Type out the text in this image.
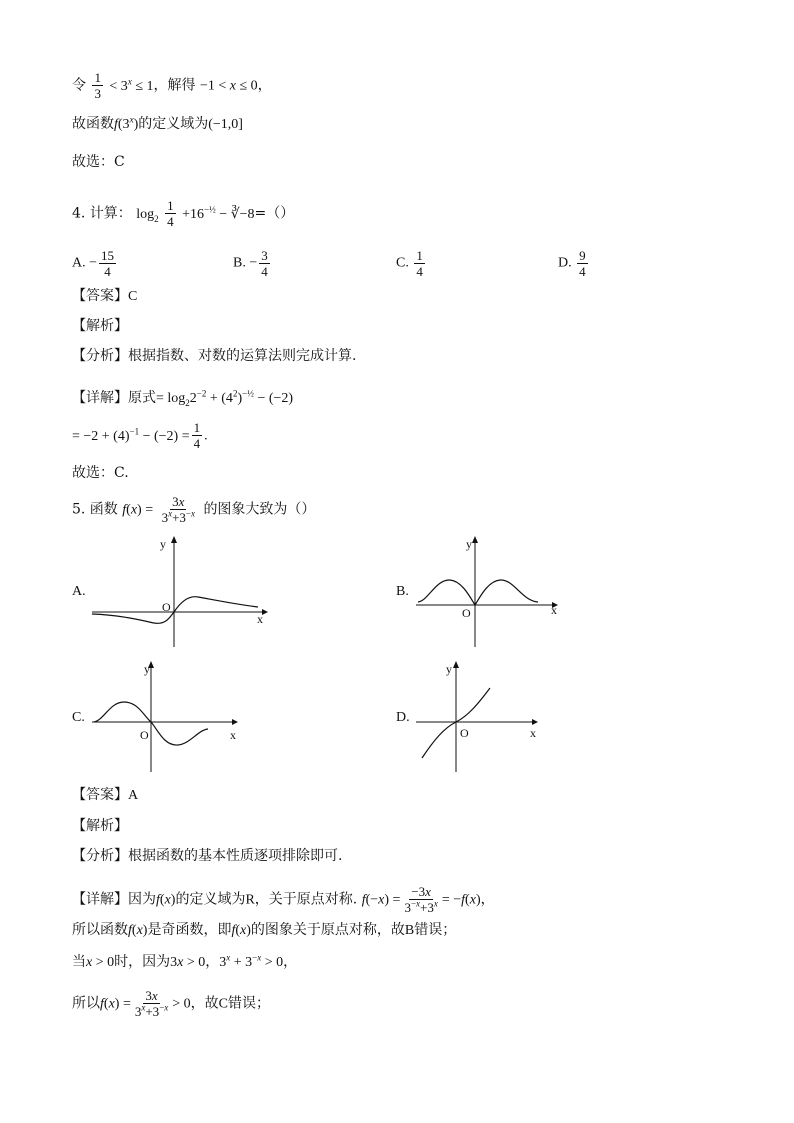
令 $\frac{1}{3} < 3^x \le 1$，解得 −1 < x ≤ 0，
故函数f(3$^x$)的定义域为(−1,0]
故选：C
4. 计算： $\log_2 \frac{1}{4} +16^{-\frac{1}{2}}$ − ∛−8=（）
A. − $\frac{15}{4}$	B. − $\frac{3}{4}$	C. $\frac{1}{4}$	D. $\frac{9}{4}$
【答案】C
【解析】
【分析】根据指数、对数的运算法则完成计算.
【详解】原式= $\log_22^{-2} + (4^2)^{-\frac{1}{2}} - (-2)$
= $-2 + (4)^{-1} - (-2) = \frac{1}{4}$ .
故选：C.
5. 函数 $f(x) = \frac{3x}{3^x+3^{-x}}$ 的图象大致为（）
A.
y
x
O
B.
y
x
O
C.
y
x
O
D.
y
x
O
【答案】A
【解析】
【分析】根据函数的基本性质逐项排除即可.
【详解】因为f(x)的定义域为R，关于原点对称. $f(-x) = \frac{-3x}{3^{-x}+3^x} = -f(x)$，
所以函数f(x)是奇函数，即f(x)的图象关于原点对称，故B错误；
当x > 0时，因为3x > 0，$3^x + 3^{-x} > 0$，
所以$f(x) = \frac{3x}{3^x+3^{-x}} > 0$，故C错误；
